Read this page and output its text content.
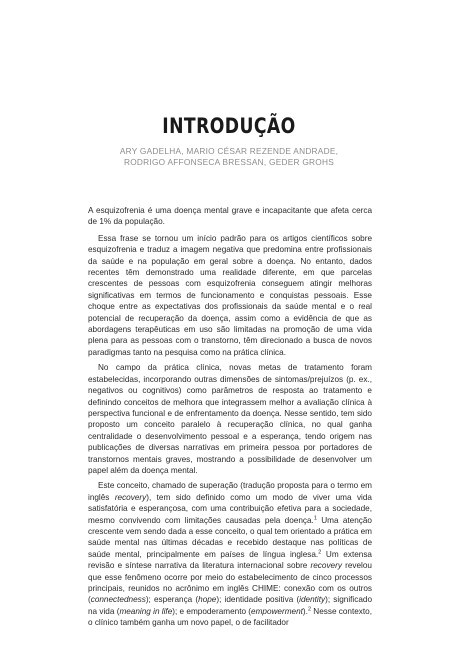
INTRODUÇÃO
ARY GADELHA, MARIO CÉSAR REZENDE ANDRADE,
RODRIGO AFFONSECA BRESSAN, GEDER GROHS

A esquizofrenia é uma doença mental grave e incapacitante que afeta cerca de 1% da população.

Essa frase se tornou um início padrão para os artigos científicos sobre esquizofrenia e traduz a imagem negativa que predomina entre profissionais da saúde e na população em geral sobre a doença. No entanto, dados recentes têm demonstrado uma realidade diferente, em que parcelas crescentes de pessoas com esquizofrenia conseguem atingir melhoras significativas em termos de funcionamento e conquistas pessoais. Esse choque entre as expectativas dos profissionais da saúde mental e o real potencial de recuperação da doença, assim como a evidência de que as abordagens terapêuticas em uso são limitadas na promoção de uma vida plena para as pessoas com o transtorno, têm direcionado a busca de novos paradigmas tanto na pesquisa como na prática clínica.

No campo da prática clínica, novas metas de tratamento foram estabelecidas, incorporando outras dimensões de sintomas/prejuízos (p. ex., negativos ou cognitivos) como parâmetros de resposta ao tratamento e definindo conceitos de melhora que integrassem melhor a avaliação clínica à perspectiva funcional e de enfrentamento da doença. Nesse sentido, tem sido proposto um conceito paralelo à recuperação clínica, no qual ganha centralidade o desenvolvimento pessoal e a esperança, tendo origem nas publicações de diversas narrativas em primeira pessoa por portadores de transtornos mentais graves, mostrando a possibilidade de desenvolver um papel além da doença mental.

Este conceito, chamado de superação (tradução proposta para o termo em inglês recovery), tem sido definido como um modo de viver uma vida satisfatória e esperançosa, com uma contribuição efetiva para a sociedade, mesmo convivendo com limitações causadas pela doença.$^1$ Uma atenção crescente vem sendo dada a esse conceito, o qual tem orientado a prática em saúde mental nas últimas décadas e recebido destaque nas políticas de saúde mental, principalmente em países de língua inglesa.$^2$ Um extensa revisão e síntese narrativa da literatura internacional sobre recovery revelou que esse fenômeno ocorre por meio do estabelecimento de cinco processos principais, reunidos no acrônimo em inglês CHIME: conexão com os outros (connectedness); esperança (hope); identidade positiva (identity); significado na vida (meaning in life); e empoderamento (empowerment).$^2$ Nesse contexto, o clínico também ganha um novo papel, o de facilitador
